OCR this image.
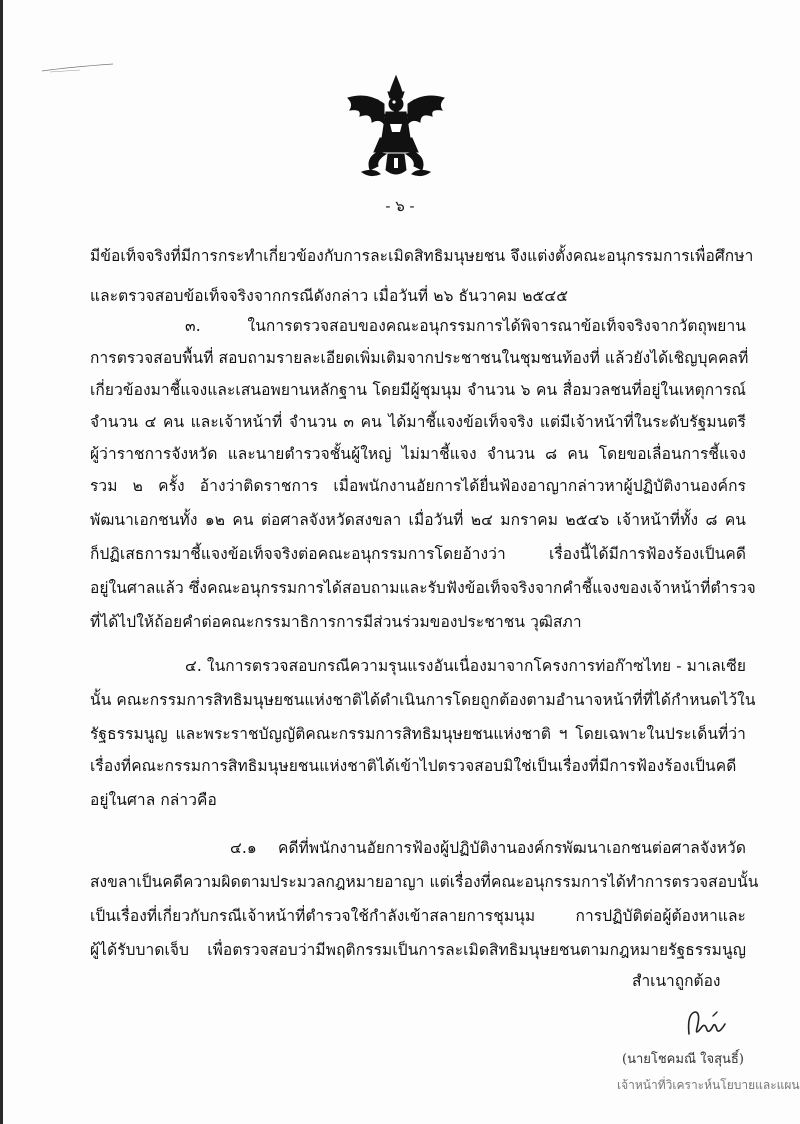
- ๖ -
มีข้อเท็จจริงที่มีการกระทำเกี่ยวข้องกับการละเมิดสิทธิมนุษยชน จึงแต่งตั้งคณะอนุกรรมการเพื่อศึกษา
และตรวจสอบข้อเท็จจริงจากกรณีดังกล่าว เมื่อวันที่ ๒๖ ธันวาคม ๒๕๔๕
๓. ในการตรวจสอบของคณะอนุกรรมการได้พิจารณาข้อเท็จจริงจากวัตถุพยาน
การตรวจสอบพื้นที่ สอบถามรายละเอียดเพิ่มเติมจากประชาชนในชุมชนท้องที่ แล้วยังได้เชิญบุคคลที่
เกี่ยวข้องมาชี้แจงและเสนอพยานหลักฐาน โดยมีผู้ชุมนุม จำนวน ๖ คน สื่อมวลชนที่อยู่ในเหตุการณ์
จำนวน ๔ คน และเจ้าหน้าที่ จำนวน ๓ คน ได้มาชี้แจงข้อเท็จจริง แต่มีเจ้าหน้าที่ในระดับรัฐมนตรี
ผู้ว่าราชการจังหวัด และนายตำรวจชั้นผู้ใหญ่ ไม่มาชี้แจง จำนวน ๘ คน โดยขอเลื่อนการชี้แจง
รวม ๒ ครั้ง อ้างว่าติดราชการ เมื่อพนักงานอัยการได้ยื่นฟ้องอาญากล่าวหาผู้ปฏิบัติงานองค์กร
พัฒนาเอกชนทั้ง ๑๒ คน ต่อศาลจังหวัดสงขลา เมื่อวันที่ ๒๔ มกราคม ๒๕๔๖ เจ้าหน้าที่ทั้ง ๘ คน
ก็ปฏิเสธการมาชี้แจงข้อเท็จจริงต่อคณะอนุกรรมการโดยอ้างว่า เรื่องนี้ได้มีการฟ้องร้องเป็นคดี
อยู่ในศาลแล้ว ซึ่งคณะอนุกรรมการได้สอบถามและรับฟังข้อเท็จจริงจากคำชี้แจงของเจ้าหน้าที่ตำรวจ
ที่ได้ไปให้ถ้อยคำต่อคณะกรรมาธิการการมีส่วนร่วมของประชาชน วุฒิสภา
๔. ในการตรวจสอบกรณีความรุนแรงอันเนื่องมาจากโครงการท่อก๊าซไทย - มาเลเซีย
นั้น คณะกรรมการสิทธิมนุษยชนแห่งชาติได้ดำเนินการโดยถูกต้องตามอำนาจหน้าที่ที่ได้กำหนดไว้ใน
รัฐธรรมนูญ และพระราชบัญญัติคณะกรรมการสิทธิมนุษยชนแห่งชาติ ฯ โดยเฉพาะในประเด็นที่ว่า
เรื่องที่คณะกรรมการสิทธิมนุษยชนแห่งชาติได้เข้าไปตรวจสอบมิใช่เป็นเรื่องที่มีการฟ้องร้องเป็นคดี
อยู่ในศาล กล่าวคือ
๔.๑ คดีที่พนักงานอัยการฟ้องผู้ปฏิบัติงานองค์กรพัฒนาเอกชนต่อศาลจังหวัด
สงขลาเป็นคดีความผิดตามประมวลกฎหมายอาญา แต่เรื่องที่คณะอนุกรรมการได้ทำการตรวจสอบนั้น
เป็นเรื่องที่เกี่ยวกับกรณีเจ้าหน้าที่ตำรวจใช้กำลังเข้าสลายการชุมนุม การปฏิบัติต่อผู้ต้องหาและ
ผู้ได้รับบาดเจ็บ เพื่อตรวจสอบว่ามีพฤติกรรมเป็นการละเมิดสิทธิมนุษยชนตามกฎหมายรัฐธรรมนูญ
สำเนาถูกต้อง
(นายโชคมณี ใจสุนธิ์)
เจ้าหน้าที่วิเคราะห์นโยบายและแผน
